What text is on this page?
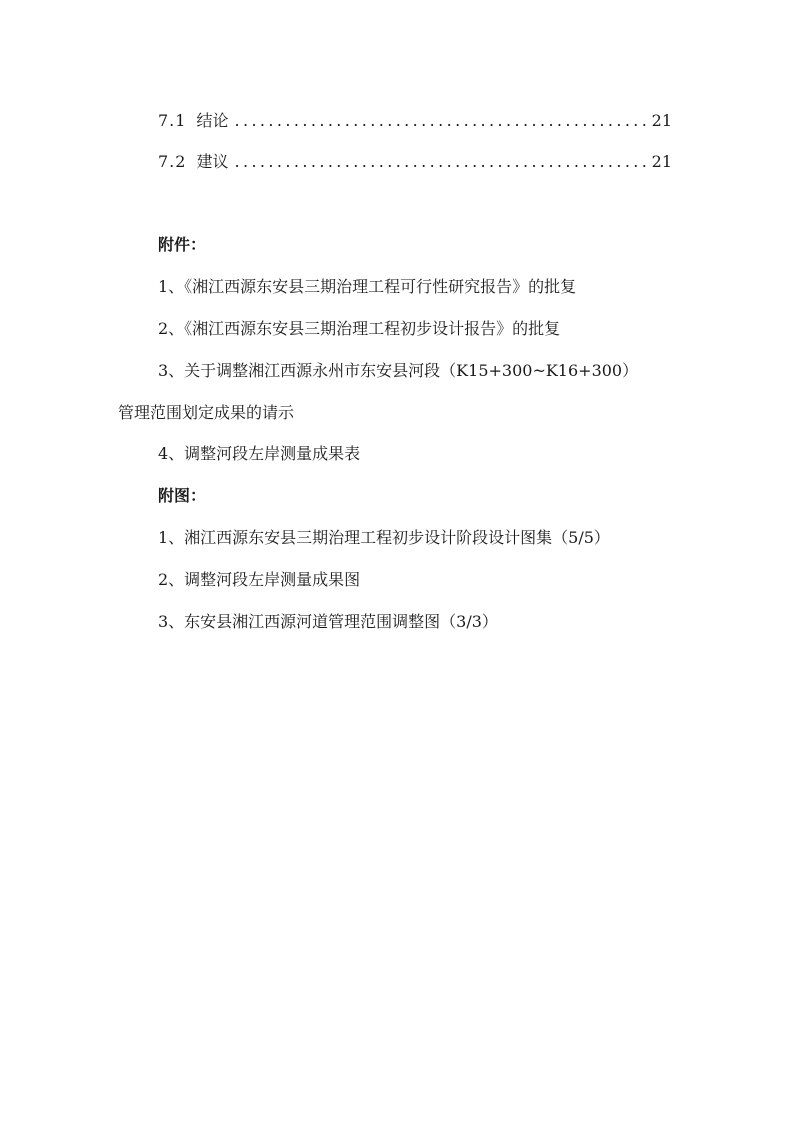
7.1 结论 .....	21
7.2 建议 .....	21
附件：
1、《湘江西源东安县三期治理工程可行性研究报告》的批复
2、《湘江西源东安县三期治理工程初步设计报告》的批复
3、关于调整湘江西源永州市东安县河段（K15+300~K16+300）
管理范围划定成果的请示
4、调整河段左岸测量成果表
附图：
1、湘江西源东安县三期治理工程初步设计阶段设计图集（5/5）
2、调整河段左岸测量成果图
3、东安县湘江西源河道管理范围调整图（3/3）
